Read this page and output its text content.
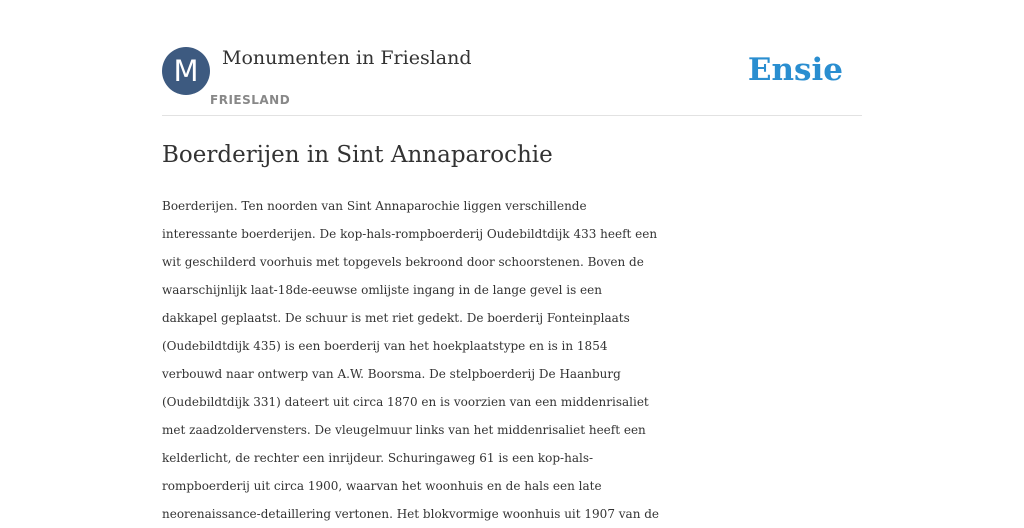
M	Monumenten in Friesland
FRIESLAND
Ensie
Boerderijen in Sint Annaparochie
Boerderijen. Ten noorden van Sint Annaparochie liggen verschillende
interessante boerderijen. De kop-hals-rompboerderij Oudebildtdijk 433 heeft een
wit geschilderd voorhuis met topgevels bekroond door schoorstenen. Boven de
waarschijnlijk laat-18de-eeuwse omlijste ingang in de lange gevel is een
dakkapel geplaatst. De schuur is met riet gedekt. De boerderij Fonteinplaats
(Oudebildtdijk 435) is een boerderij van het hoekplaatstype en is in 1854
verbouwd naar ontwerp van A.W. Boorsma. De stelpboerderij De Haanburg
(Oudebildtdijk 331) dateert uit circa 1870 en is voorzien van een middenrisaliet
met zaadzoldervensters. De vleugelmuur links van het middenrisaliet heeft een
kelderlicht, de rechter een inrijdeur. Schuringaweg 61 is een kop-hals-
rompboerderij uit circa 1900, waarvan het woonhuis en de hals een late
neorenaissance-detaillering vertonen. Het blokvormige woonhuis uit 1907 van de
